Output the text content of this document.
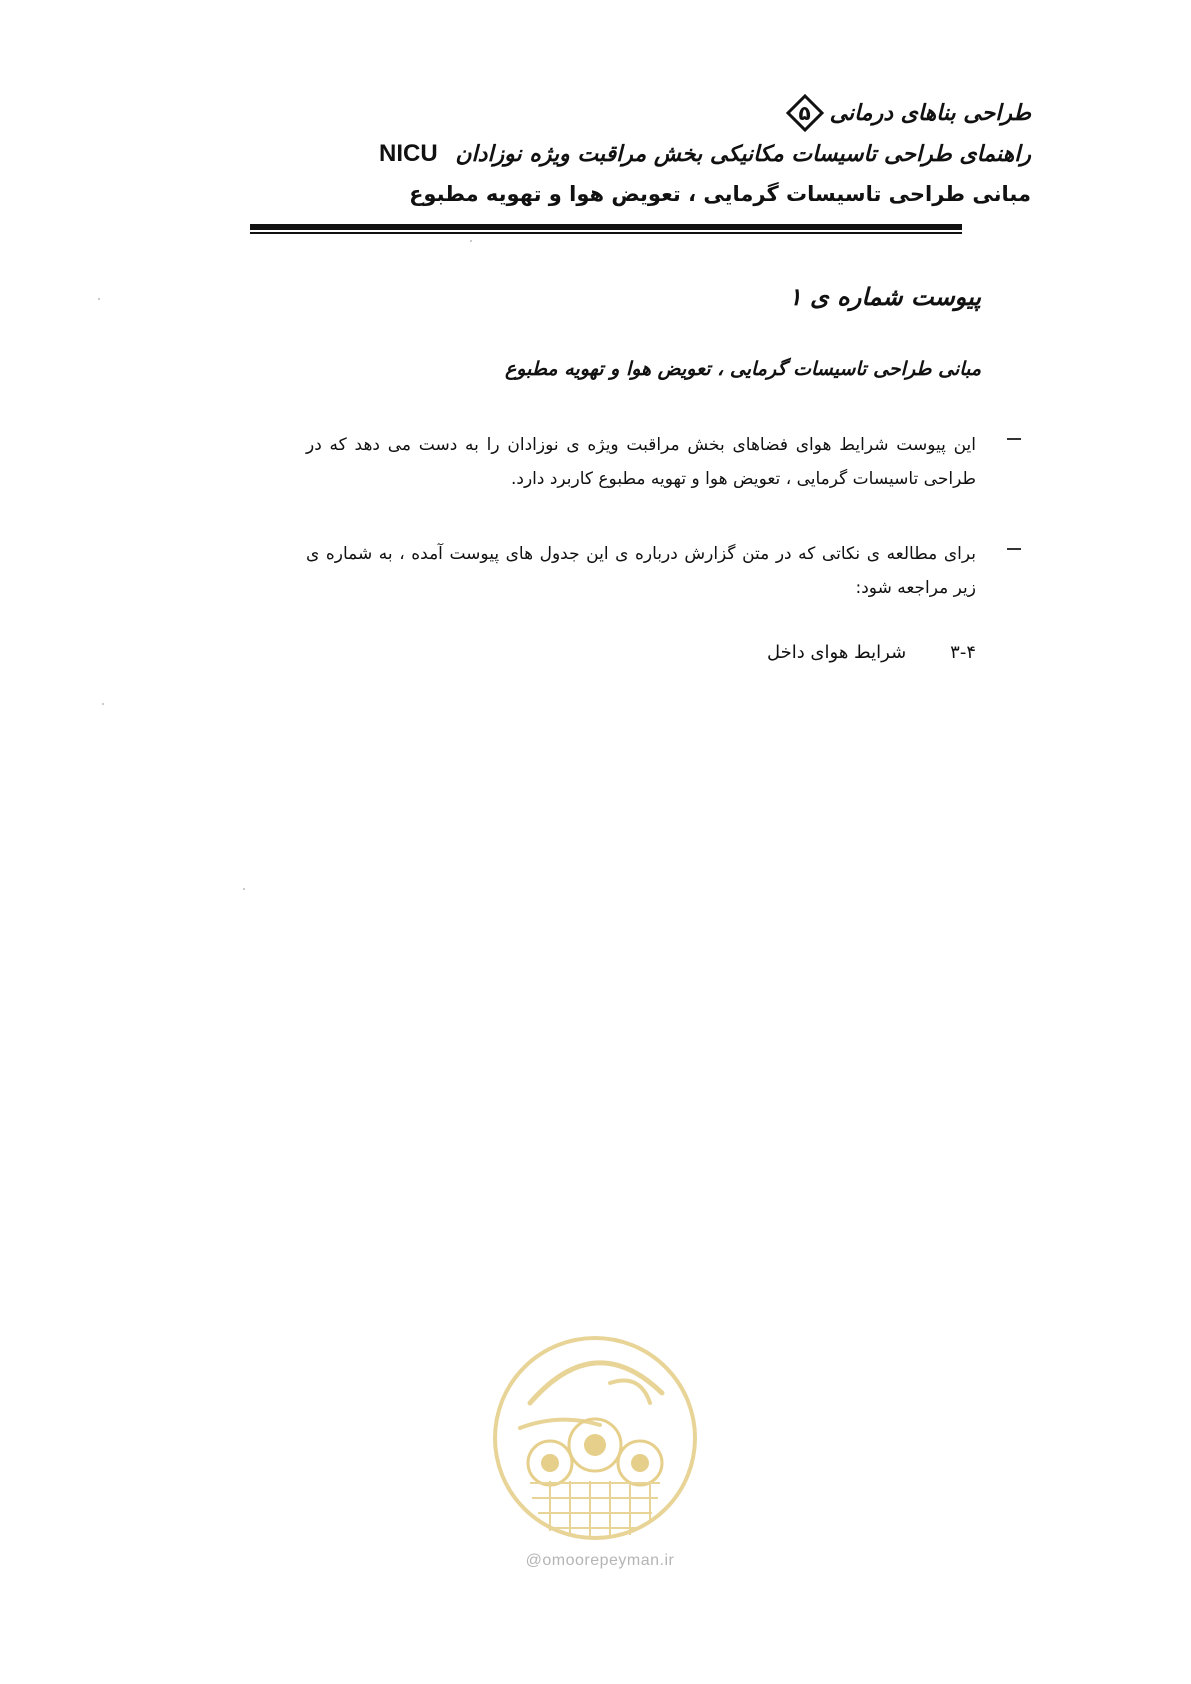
طراحی بناهای درمانی
۵
راهنمای طراحی تاسیسات مکانیکی بخش مراقبت ویژه نوزادان NICU
مبانی طراحی تاسیسات گرمایی ، تعویض هوا و تهویه مطبوع
پیوست شماره ی ۱
مبانی طراحی تاسیسات گرمایی ، تعویض هوا و تهویه مطبوع
این پیوست شرایط هوای فضاهای بخش مراقبت ویژه ی نوزادان را به دست می دهد که در طراحی تاسیسات گرمایی ، تعویض هوا و تهویه مطبوع کاربرد دارد.
برای مطالعه ی نکاتی که در متن گزارش درباره ی این جدول های پیوست آمده ، به شماره ی زیر مراجعه شود:
۳-۴
شرایط هوای داخل
@omoorepeyman.ir
